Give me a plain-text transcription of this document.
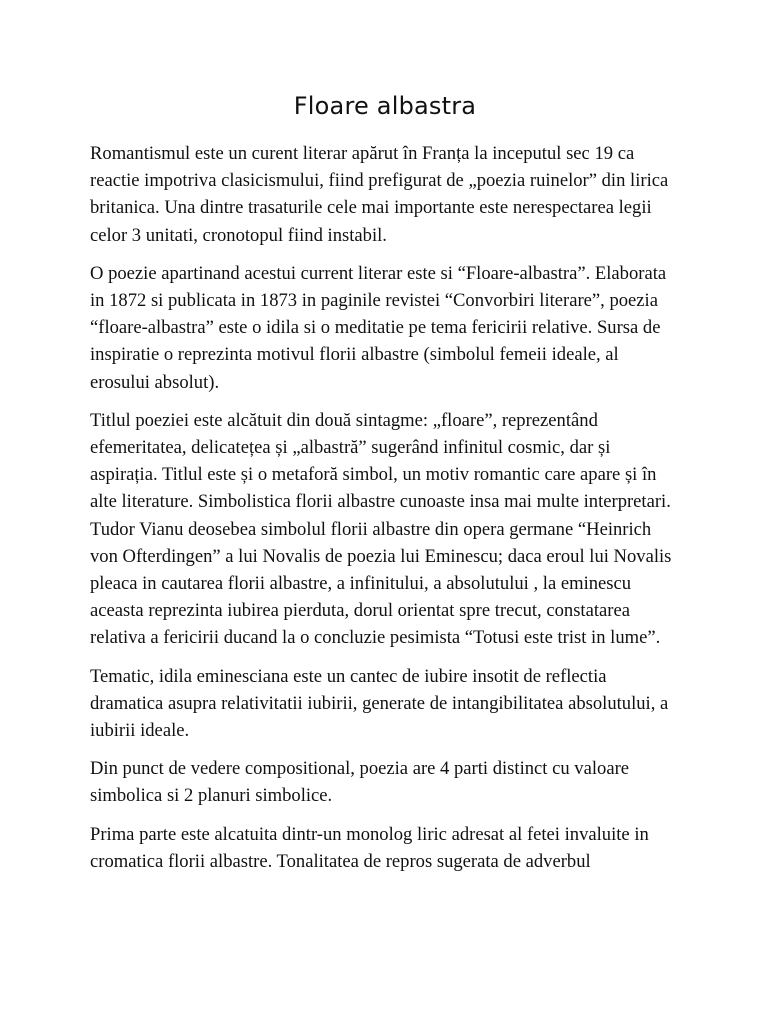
Floare albastra

Romantismul este un curent literar apărut în Franța la inceputul sec 19 ca reactie impotriva clasicismului, fiind prefigurat de „poezia ruinelor” din lirica britanica. Una dintre trasaturile cele mai importante este nerespectarea legii celor 3 unitati, cronotopul fiind instabil.

O poezie apartinand acestui current literar este si “Floare-albastra”. Elaborata in 1872 si publicata in 1873 in paginile revistei “Convorbiri literare”, poezia “floare-albastra” este o idila si o meditatie pe tema fericirii relative. Sursa de inspiratie o reprezinta motivul florii albastre (simbolul femeii ideale, al erosului absolut).

Titlul poeziei este alcătuit din două sintagme: „floare”, reprezentând efemeritatea, delicatețea și „albastră” sugerând infinitul cosmic, dar și aspirația. Titlul este și o metaforă simbol, un motiv romantic care apare și în alte literature. Simbolistica florii albastre cunoaste insa mai multe interpretari. Tudor Vianu deosebea simbolul florii albastre din opera germane “Heinrich von Ofterdingen” a lui Novalis de poezia lui Eminescu; daca eroul lui Novalis pleaca in cautarea florii albastre, a infinitului, a absolutului , la eminescu aceasta reprezinta iubirea pierduta, dorul orientat spre trecut, constatarea relativa a fericirii ducand la o concluzie pesimista “Totusi este trist in lume”.

Tematic, idila eminesciana este un cantec de iubire insotit de reflectia dramatica asupra relativitatii iubirii, generate de intangibilitatea absolutului, a iubirii ideale.

Din punct de vedere compositional, poezia are 4 parti distinct cu valoare simbolica si 2 planuri simbolice.

Prima parte este alcatuita dintr-un monolog liric adresat al fetei invaluite in cromatica florii albastre. Tonalitatea de repros sugerata de adverbul
